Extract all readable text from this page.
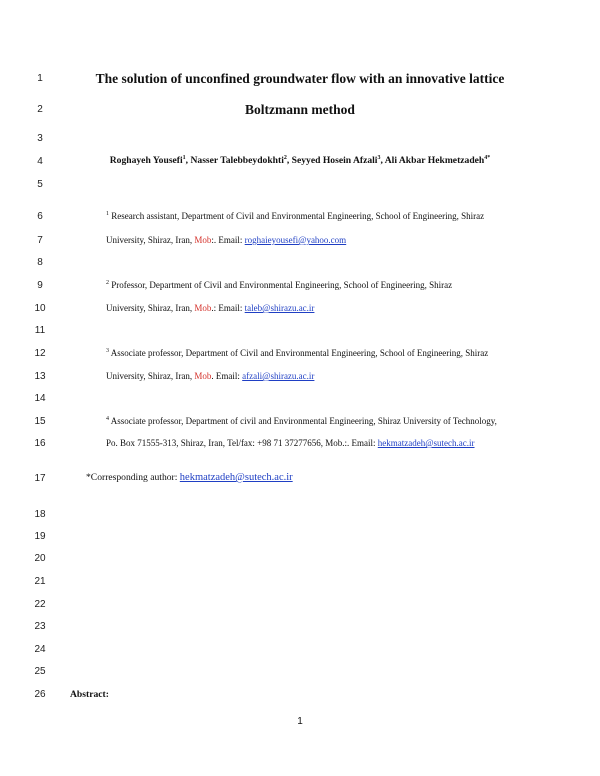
1
2
3
4
5
6
7
8
9
10
11
12
13
14
15
16
17
18
19
20
21
22
23
24
25
26
The solution of unconfined groundwater flow with an innovative lattice
Boltzmann method
Roghayeh Yousefi$^1$, Nasser Talebbeydokhti$^2$, Seyyed Hosein Afzali$^3$, Ali Akbar Hekmetzadeh$^{4*}$
$^1$ Research assistant, Department of Civil and Environmental Engineering, School of Engineering, Shiraz
University, Shiraz, Iran, Mob:. Email: roghaieyousefi@yahoo.com
$^2$ Professor, Department of Civil and Environmental Engineering, School of Engineering, Shiraz
University, Shiraz, Iran, Mob.: Email: taleb@shirazu.ac.ir
$^3$ Associate professor, Department of Civil and Environmental Engineering, School of Engineering, Shiraz
University, Shiraz, Iran, Mob. Email: afzali@shirazu.ac.ir
$^4$ Associate professor, Department of civil and Environmental Engineering, Shiraz University of Technology,
Po. Box 71555-313, Shiraz, Iran, Tel/fax: +98 71 37277656, Mob.:. Email: hekmatzadeh@sutech.ac.ir
*Corresponding author: hekmatzadeh@sutech.ac.ir
Abstract:
1
